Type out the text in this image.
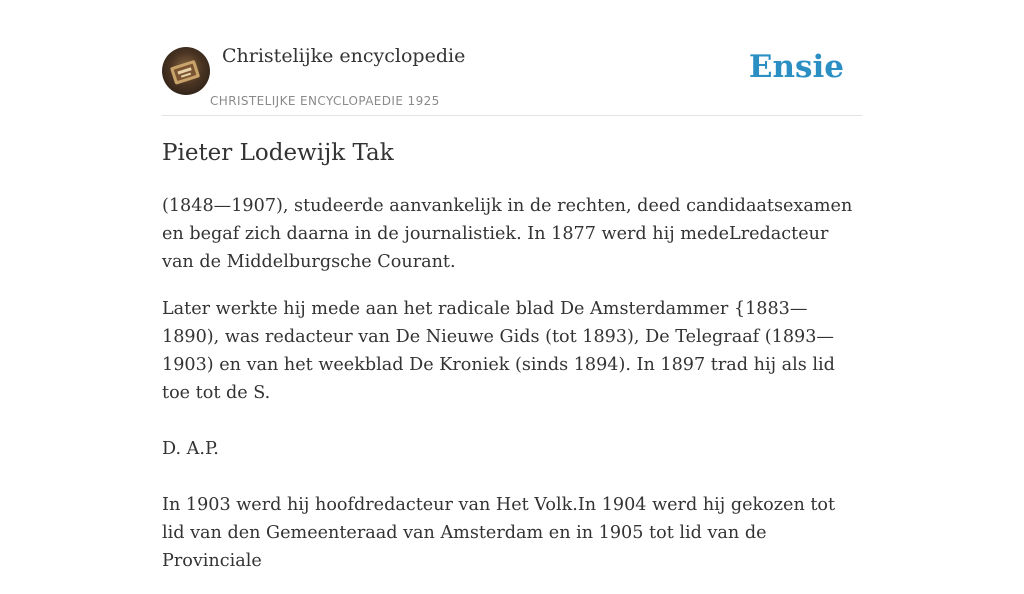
Christelijke encyclopedie
CHRISTELIJKE ENCYCLOPAEDIE 1925
Ensie
Pieter Lodewijk Tak

(1848—1907), studeerde aanvankelijk in de rechten, deed candidaatsexamen en begaf zich daarna in de journalistiek. In 1877 werd hij medeLredacteur van de Middelburgsche Courant.

Later werkte hij mede aan het radicale blad De Amsterdammer {1883— 1890), was redacteur van De Nieuwe Gids (tot 1893), De Telegraaf (1893—1903) en van het weekblad De Kroniek (sinds 1894). In 1897 trad hij als lid toe tot de S.

D. A.P.

In 1903 werd hij hoofdredacteur van Het Volk.In 1904 werd hij gekozen tot lid van den Gemeenteraad van Amsterdam en in 1905 tot lid van de Provinciale
